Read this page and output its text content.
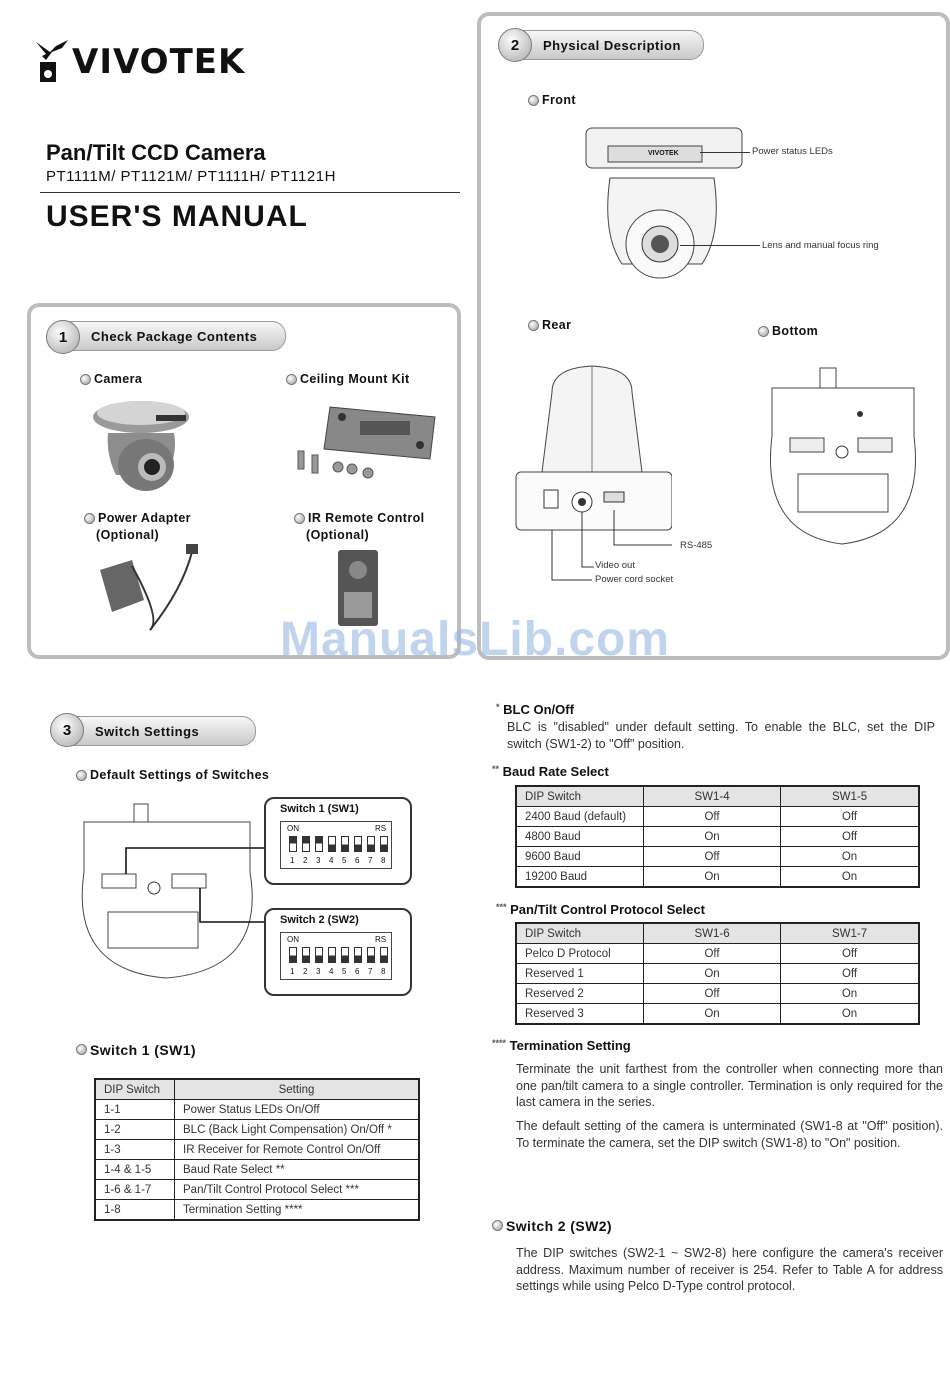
VIVOTEK
Pan/Tilt CCD Camera
PT1111M/ PT1121M/ PT1111H/ PT1121H
USER'S MANUAL
Check Package Contents
1
Camera	Ceiling Mount Kit
Power Adapter
(Optional)
IR Remote Control
(Optional)
Physical Description
2
Front
VIVOTEK	Power status LEDs
Lens and manual focus ring
Rear
RS-485
Video out
Power cord socket
Bottom
ManualsLib.com
Switch Settings
3
Default Settings of Switches
Switch 1 (SW1)
ON	RS
1 2 3 4 5 6 7 8
Switch 2 (SW2)
ON	RS
1 2 3 4 5 6 7 8
Switch 1 (SW1)
DIP Switch	Setting
1-1	Power Status LEDs On/Off
1-2	BLC (Back Light Compensation) On/Off *
1-3	IR Receiver for Remote Control On/Off
1-4 & 1-5	Baud Rate Select **
1-6 & 1-7	Pan/Tilt Control Protocol Select ***
1-8	Termination Setting ****
* BLC On/Off
BLC is "disabled" under default setting. To enable the BLC, set the DIP switch (SW1-2) to "Off" position.
** Baud Rate Select
DIP Switch	SW1-4	SW1-5
2400 Baud (default)	Off	Off
4800 Baud	On	Off
9600 Baud	Off	On
19200 Baud	On	On
*** Pan/Tilt Control Protocol Select
DIP Switch	SW1-6	SW1-7
Pelco D Protocol	Off	Off
Reserved 1	On	Off
Reserved 2	Off	On
Reserved 3	On	On
**** Termination Setting
Terminate the unit farthest from the controller when connecting more than one pan/tilt camera to a single controller. Termination is only required for the last camera in the series.
The default setting of the camera is unterminated (SW1-8 at "Off" position). To terminate the camera, set the DIP switch (SW1-8) to "On" position.
Switch 2 (SW2)
The DIP switches (SW2-1 ~ SW2-8) here configure the camera's receiver address. Maximum number of receiver is 254. Refer to Table A for address settings while using Pelco D-Type control protocol.
